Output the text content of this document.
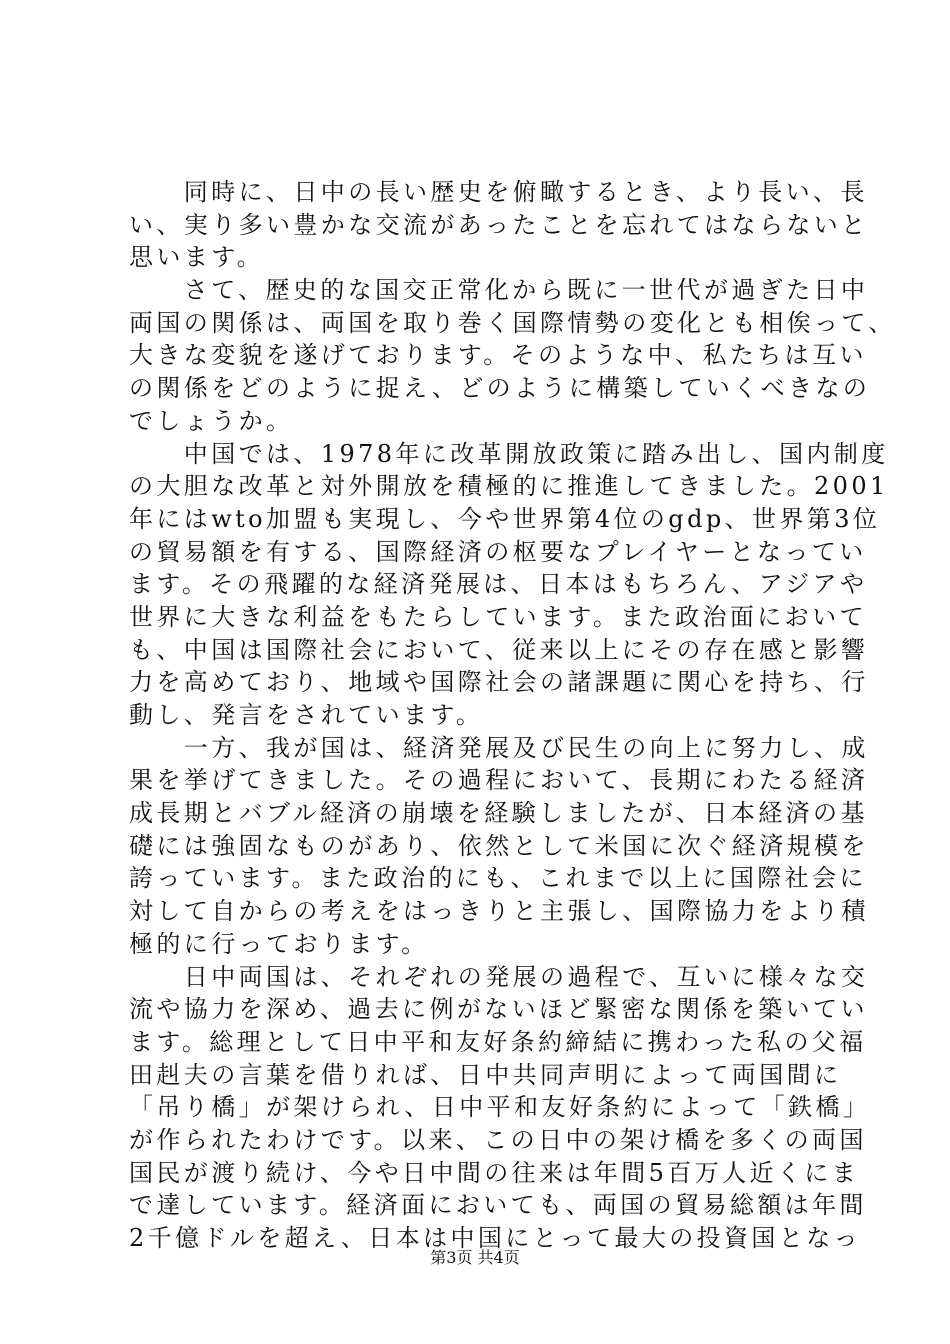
　　同時に、日中の長い歴史を俯瞰するとき、より長い、長
い、実り多い豊かな交流があったことを忘れてはならないと
思います。
　　さて、歴史的な国交正常化から既に一世代が過ぎた日中
両国の関係は、両国を取り巻く国際情勢の変化とも相俟って、
大きな変貌を遂げております。そのような中、私たちは互い
の関係をどのように捉え、どのように構築していくべきなの
でしょうか。
　　中国では、1978年に改革開放政策に踏み出し、国内制度
の大胆な改革と対外開放を積極的に推進してきました。2001
年にはwto加盟も実現し、今や世界第4位のgdp、世界第3位
の貿易額を有する、国際経済の枢要なプレイヤーとなってい
ます。その飛躍的な経済発展は、日本はもちろん、アジアや
世界に大きな利益をもたらしています。また政治面において
も、中国は国際社会において、従来以上にその存在感と影響
力を高めており、地域や国際社会の諸課題に関心を持ち、行
動し、発言をされています。
　　一方、我が国は、経済発展及び民生の向上に努力し、成
果を挙げてきました。その過程において、長期にわたる経済
成長期とバブル経済の崩壊を経験しましたが、日本経済の基
礎には強固なものがあり、依然として米国に次ぐ経済規模を
誇っています。また政治的にも、これまで以上に国際社会に
対して自からの考えをはっきりと主張し、国際協力をより積
極的に行っております。
　　日中両国は、それぞれの発展の過程で、互いに様々な交
流や協力を深め、過去に例がないほど緊密な関係を築いてい
ます。総理として日中平和友好条約締結に携わった私の父福
田赳夫の言葉を借りれば、日中共同声明によって両国間に
「吊り橋」が架けられ、日中平和友好条約によって「鉄橋」
が作られたわけです。以来、この日中の架け橋を多くの両国
国民が渡り続け、今や日中間の往来は年間5百万人近くにま
で達しています。経済面においても、両国の貿易総額は年間
2千億ドルを超え、日本は中国にとって最大の投資国となっ
第3页 共4页
